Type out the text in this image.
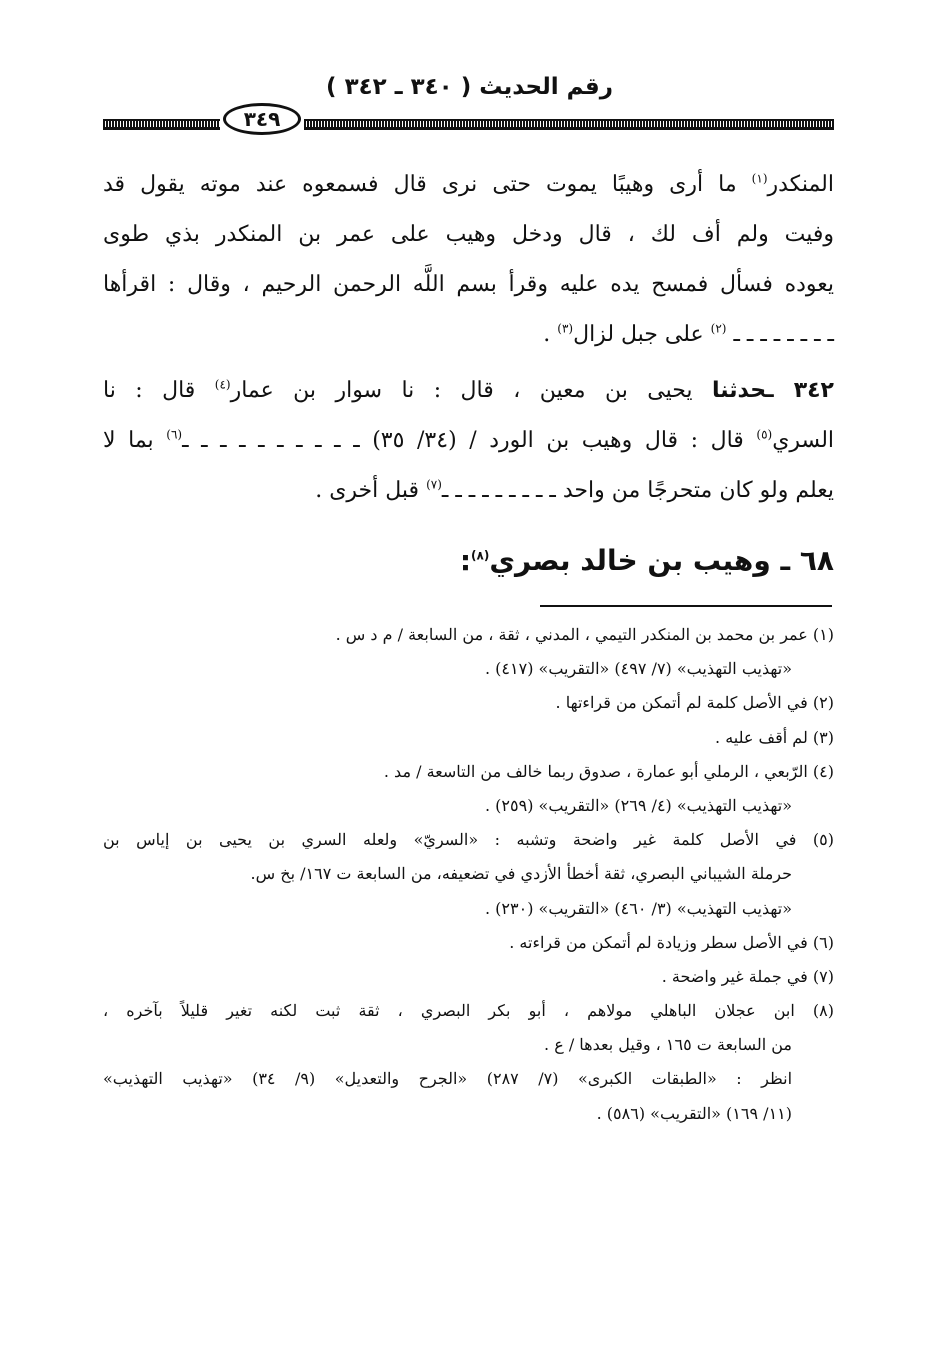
رقم الحديث ( ٣٤٠ ـ ٣٤٢ )
٣٤٩
المنكدر$^{(١)}$ ما أرى وهيبًا يموت حتى نرى قال فسمعوه عند موته يقول قد
وفيت ولم أف لك ، قال ودخل وهيب على عمر بن المنكدر بذي طوى
يعوده فسأل فمسح يده عليه وقرأ بسم اللَّه الرحمن الرحيم ، وقال : اقرأها
ـ ـ ـ ـ ـ ـ ـ ـ $^{(٢)}$ على جبل لزال$^{(٣)}$ .
٣٤٢ ـحدثنا يحيى بن معين ، قال : نا سوار بن عمار$^{(٤)}$ قال : نا
السري$^{(٥)}$ قال : قال وهيب بن الورد / (٣٤/ ٣٥) ـ ـ ـ ـ ـ ـ ـ ـ ـ ـ$^{(٦)}$ بما لا
يعلم ولو كان متحرجًا من واحد ـ ـ ـ ـ ـ ـ ـ ـ ـ$^{(٧)}$ قبل أخرى .
٦٨ ـ وهيب بن خالد بصري$^{(٨)}$:
(١) عمر بن محمد بن المنكدر التيمي ، المدني ، ثقة ، من السابعة / م د س .
«تهذيب التهذيب» (٧/ ٤٩٧) «التقريب» (٤١٧) .
(٢) في الأصل كلمة لم أتمكن من قراءتها .
(٣) لم أقف عليه .
(٤) الرّبعي ، الرملي أبو عمارة ، صدوق ربما خالف من التاسعة / مد .
«تهذيب التهذيب» (٤/ ٢٦٩) «التقريب» (٢٥٩) .
(٥) في الأصل كلمة غير واضحة وتشبه : «السريّ» ولعله السري بن يحيى بن إياس بن
حرملة الشيباني البصري، ثقة أخطأ الأزدي في تضعيفه، من السابعة ت ١٦٧/ بخ س.
«تهذيب التهذيب» (٣/ ٤٦٠) «التقريب» (٢٣٠) .
(٦) في الأصل سطر وزيادة لم أتمكن من قراءته .
(٧) في جملة غير واضحة .
(٨) ابن عجلان الباهلي مولاهم ، أبو بكر البصري ، ثقة ثبت لكنه تغير قليلاً بآخره ،
من السابعة ت ١٦٥ ، وقيل بعدها / ع .
انظر : «الطبقات الكبرى» (٧/ ٢٨٧) «الجرح والتعديل» (٩/ ٣٤) «تهذيب التهذيب»
(١١/ ١٦٩) «التقريب» (٥٨٦) .
